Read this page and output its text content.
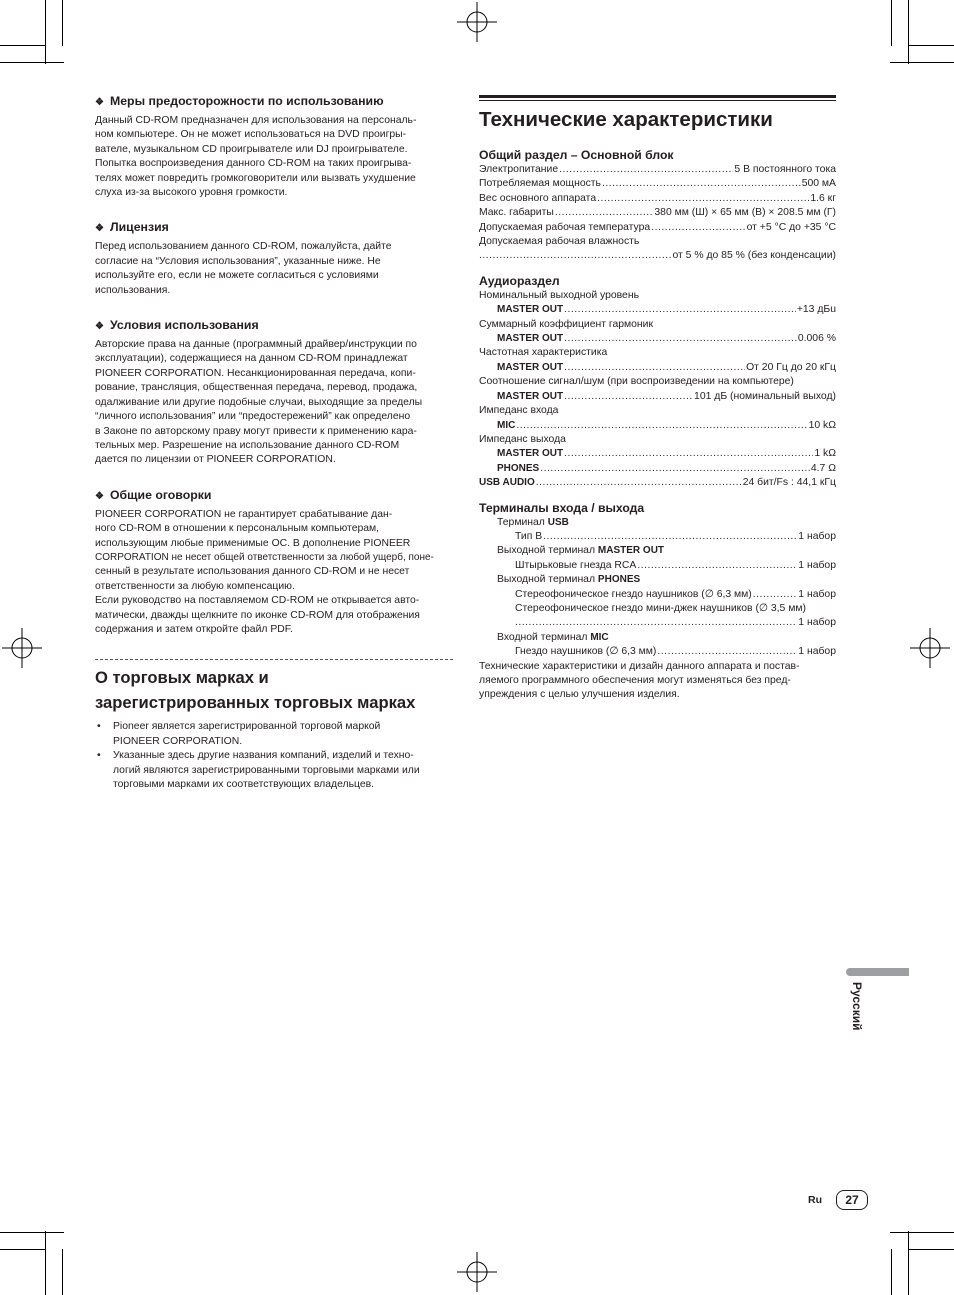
❖ Меры предосторожности по использованию

Данный CD-ROM предназначен для использования на персональ-

ном компьютере. Он не может использоваться на DVD проигры-

вателе, музыкальном CD проигрывателе или DJ проигрывателе.

Попытка воспроизведения данного CD-ROM на таких проигрыва-

телях может повредить громкоговорители или вызвать ухудшение

слуха из-за высокого уровня громкости.

❖ Лицензия

Перед использованием данного CD-ROM, пожалуйста, дайте

согласие на “Условия использования”, указанные ниже. Не

используйте его, если не можете согласиться с условиями

использования.

❖ Условия использования

Авторские права на данные (программный драйвер/инструкции по

эксплуатации), содержащиеся на данном CD-ROM принадлежат

PIONEER CORPORATION. Несанкционированная передача, копи-

рование, трансляция, общественная передача, перевод, продажа,

одалживание или другие подобные случаи, выходящие за пределы

“личного использования” или “предостережений” как определено

в Законе по авторскому праву могут привести к применению кара-

тельных мер. Разрешение на использование данного CD-ROM

дается по лицензии от PIONEER CORPORATION.

❖ Общие оговорки

PIONEER CORPORATION не гарантирует срабатывание дан-

ного CD-ROM в отношении к персональным компьютерам,

использующим любые применимые ОС. В дополнение PIONEER

CORPORATION не несет общей ответственности за любой ущерб, поне-

сенный в результате использования данного CD-ROM и не несет

ответственности за любую компенсацию.

Если руководство на поставляемом CD-ROM не открывается авто-

матически, дважды щелкните по иконке CD-ROM для отображения

содержания и затем откройте файл PDF.

О торговых марках и
зарегистрированных торговых марках
• Pioneer является зарегистрированной торговой маркой
PIONEER CORPORATION.
• Указанные здесь другие названия компаний, изделий и техно-
логий являются зарегистрированными торговыми марками или
торговыми марками их соответствующих владельцев.
Технические характеристики
Общий раздел – Основной блок
Электропитание .....	5 В постоянного тока
Потребляемая мощность .....	500 мА
Вес основного аппарата .....	1.6 кг
Макс. габариты .....	380 мм (Ш) × 65 мм (В) × 208.5 мм (Г)
Допускаемая рабочая температура .....	от +5 °C до +35 °C
Допускаемая рабочая влажность
.....
от 5 % до 85 % (без конденсации)
Аудиораздел
Номинальный выходной уровень
MASTER OUT .....	+13 дБu
Суммарный коэффициент гармоник
MASTER OUT .....	0.006 %
Частотная характеристика
MASTER OUT .....	От 20 Гц до 20 кГц
Соотношение сигнал/шум (при воспроизведении на компьютере)
MASTER OUT .....	101 дБ (номинальный выход)
Импеданс входа
MIC .....	10 kΩ
Импеданс выхода
MASTER OUT .....	1 kΩ
PHONES .....	4.7 Ω
USB AUDIO .....	24 бит/Fs : 44,1 кГц
Терминалы входа / выхода
Терминал USB
Тип B .....	1 набор
Выходной терминал MASTER OUT
Штырьковые гнезда RCA .....	1 набор
Выходной терминал PHONES
Стереофоническое гнездо наушников (∅ 6,3 мм) .....	1 набор
Стереофоническое гнездо мини-джек наушников (∅ 3,5 мм)
.....
1 набор
Входной терминал MIC
Гнездо наушников (∅ 6,3 мм) .....	1 набор

Технические характеристики и дизайн данного аппарата и постав-

ляемого программного обеспечения могут изменяться без пред-

упреждения с целью улучшения изделия.

Русский
Ru	27
